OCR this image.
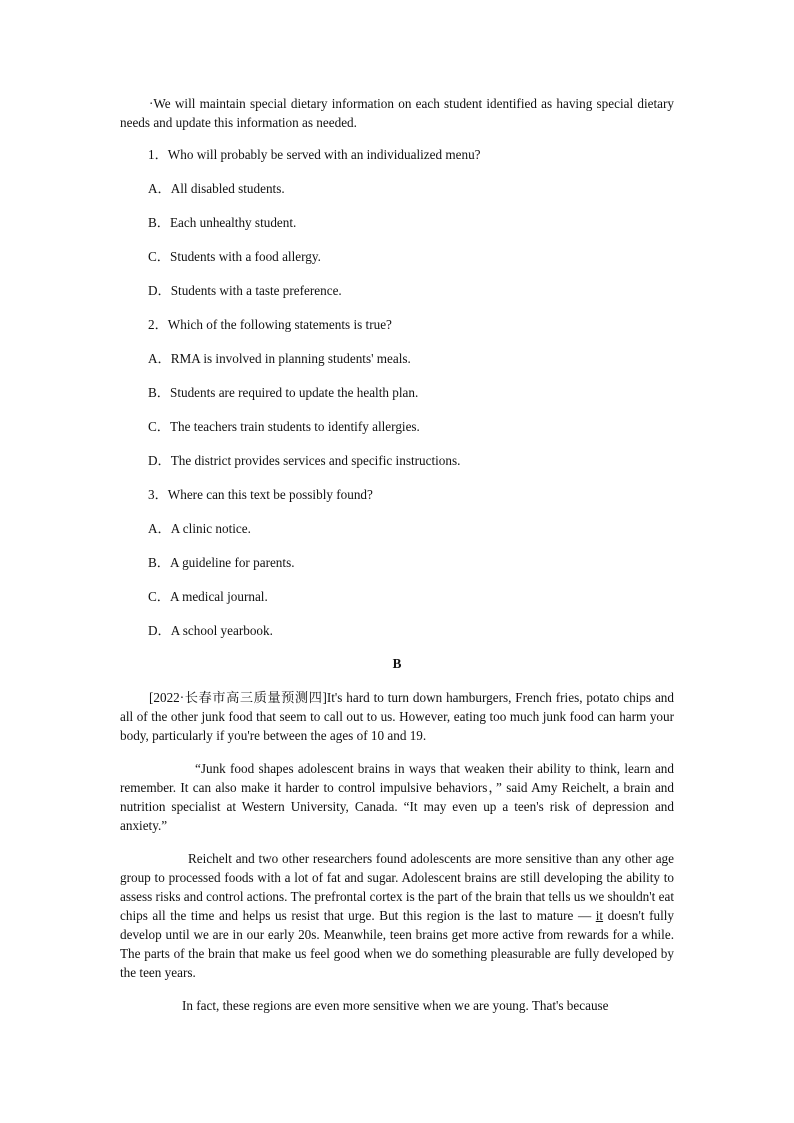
·We will maintain special dietary information on each student identified as having special dietary needs and update this information as needed.

1．Who will probably be served with an individualized menu?

A．All disabled students.

B．Each unhealthy student.

C．Students with a food allergy.

D．Students with a taste preference.

2．Which of the following statements is true?

A．RMA is involved in planning students' meals.

B．Students are required to update the health plan.

C．The teachers train students to identify allergies.

D．The district provides services and specific instructions.

3．Where can this text be possibly found?

A．A clinic notice.

B．A guideline for parents.

C．A medical journal.

D．A school yearbook.

B

[2022·长春市高三质量预测四]It's hard to turn down hamburgers, French fries, potato chips and all of the other junk food that seem to call out to us. However, eating too much junk food can harm your body, particularly if you're between the ages of 10 and 19.

“Junk food shapes adolescent brains in ways that weaken their ability to think, learn and remember. It can also make it harder to control impulsive behaviors，” said Amy Reichelt, a brain and nutrition specialist at Western University, Canada. “It may even up a teen's risk of depression and anxiety.”

Reichelt and two other researchers found adolescents are more sensitive than any other age group to processed foods with a lot of fat and sugar. Adolescent brains are still developing the ability to assess risks and control actions. The prefrontal cortex is the part of the brain that tells us we shouldn't eat chips all the time and helps us resist that urge. But this region is the last to mature — it doesn't fully develop until we are in our early 20s. Meanwhile, teen brains get more active from rewards for a while. The parts of the brain that make us feel good when we do something pleasurable are fully developed by the teen years.

In fact, these regions are even more sensitive when we are young. That's because
